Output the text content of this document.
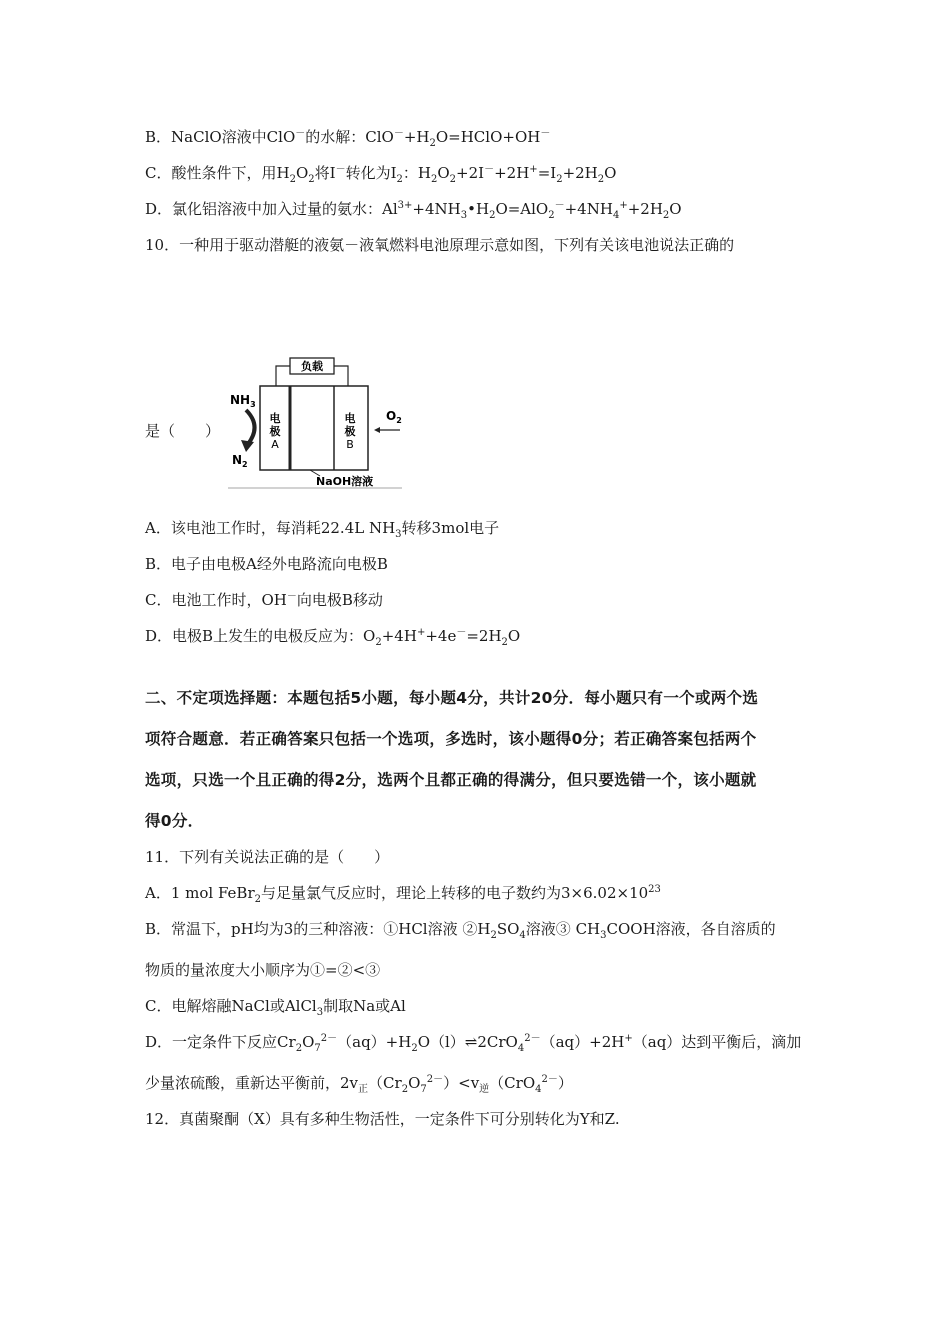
B．NaClO溶液中ClO－的水解：$ClO^-+H_2O=HClO+OH^-$
C．酸性条件下，用$H_2O_2$将I－转化为$I_2$：$H_2O_2+2I^-+2H^+=I_2+2H_2O$
D．氯化铝溶液中加入过量的氨水：$Al^{3+}+4NH_3•H_2O=AlO_2^-+4NH_4^++2H_2O$
10．一种用于驱动潜艇的液氨－液氧燃料电池原理示意如图，下列有关该电池说法正确的
是（　　）
负载
电
极
A
电
极
B
$NH_3$
$N_2$
$O_2$
NaOH溶液
A．该电池工作时，每消耗22.4L $NH_3$转移3mol电子
B．电子由电极A经外电路流向电极B
C．电池工作时，OH－向电极B移动
D．电极B上发生的电极反应为：$O_2+4H^++4e^-=2H_2O$
二、不定项选择题：本题包括5小题，每小题4分，共计20分．每小题只有一个或两个选
项符合题意．若正确答案只包括一个选项，多选时，该小题得0分；若正确答案包括两个
选项，只选一个且正确的得2分，选两个且都正确的得满分，但只要选错一个，该小题就
得0分．
11．下列有关说法正确的是（　　）
A．1 mol FeBr$_2$与足量氯气反应时，理论上转移的电子数约为$3\times 6.02\times 10^{23}$
B．常温下，pH均为3的三种溶液：①HCl溶液 $②H_2SO_4$溶液③ $CH_3COOH$溶液，各自溶质的
物质的量浓度大小顺序为①=②<③
C．电解熔融NaCl或AlCl$_3$制取Na或Al
D．一定条件下反应$Cr_2O_7^{2-}(aq)+H_2O(l)\rightleftharpoons 2CrO_4^{2-}(aq)+2H^+(aq)$达到平衡后，滴加
少量浓硫酸，重新达平衡前，$2v_正(Cr_2O_7^{2-})<v_逆(CrO_4^{2-})$
12．真菌聚酮（X）具有多种生物活性，一定条件下可分别转化为Y和Z.
